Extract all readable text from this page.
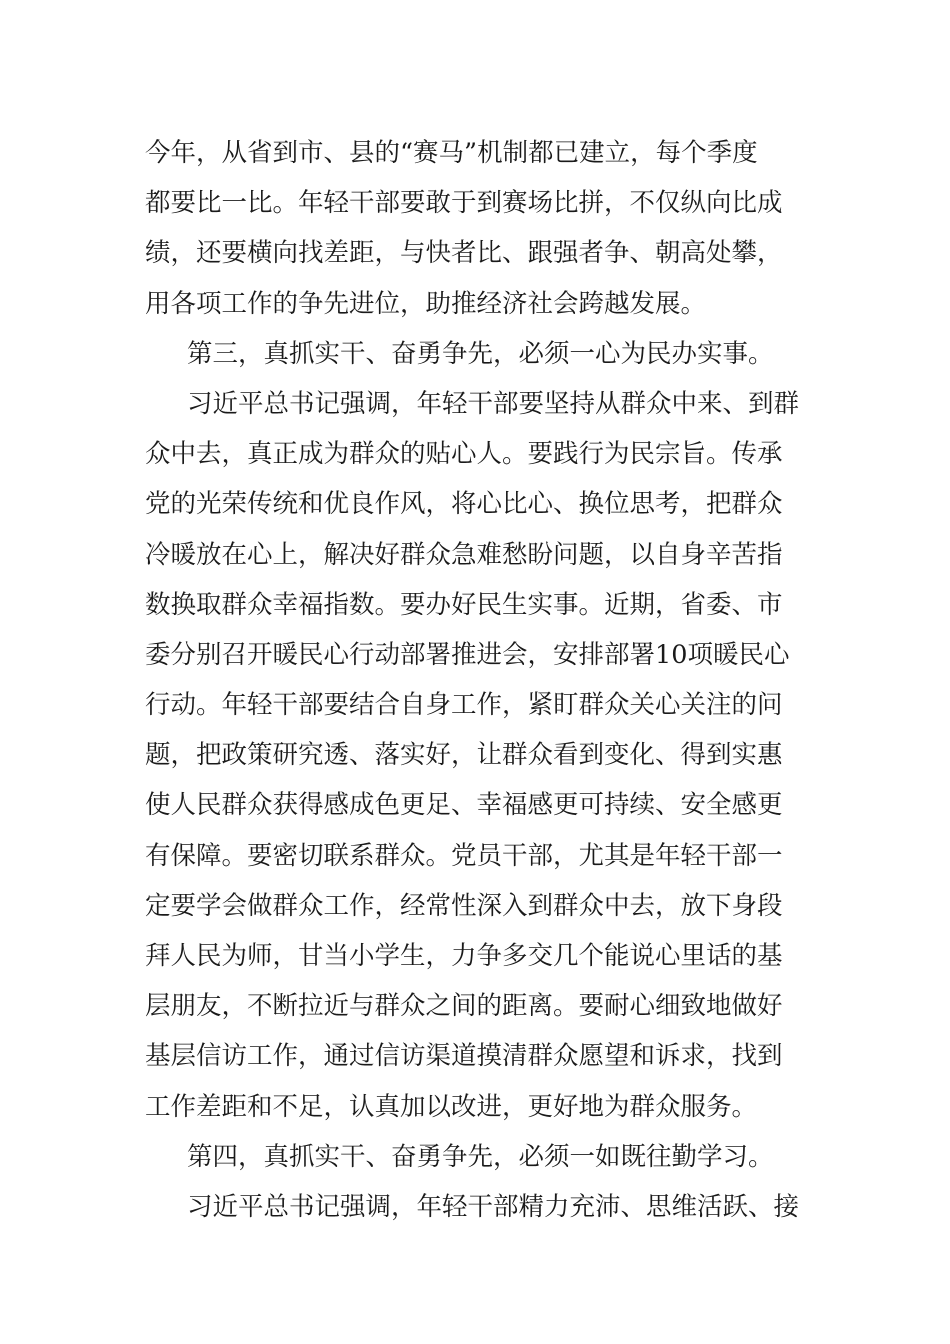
今年，从省到市、县的“赛马”机制都已建立，每个季度

都要比一比。年轻干部要敢于到赛场比拼，不仅纵向比成

绩，还要横向找差距，与快者比、跟强者争、朝高处攀，

用各项工作的争先进位，助推经济社会跨越发展。

第三，真抓实干、奋勇争先，必须一心为民办实事。

习近平总书记强调，年轻干部要坚持从群众中来、到群

众中去，真正成为群众的贴心人。要践行为民宗旨。传承

党的光荣传统和优良作风，将心比心、换位思考，把群众

冷暖放在心上，解决好群众急难愁盼问题，以自身辛苦指

数换取群众幸福指数。要办好民生实事。近期，省委、市

委分别召开暖民心行动部署推进会，安排部署10项暖民心

行动。年轻干部要结合自身工作，紧盯群众关心关注的问

题，把政策研究透、落实好，让群众看到变化、得到实惠

使人民群众获得感成色更足、幸福感更可持续、安全感更

有保障。要密切联系群众。党员干部，尤其是年轻干部一

定要学会做群众工作，经常性深入到群众中去，放下身段

拜人民为师，甘当小学生，力争多交几个能说心里话的基

层朋友，不断拉近与群众之间的距离。要耐心细致地做好

基层信访工作，通过信访渠道摸清群众愿望和诉求，找到

工作差距和不足，认真加以改进，更好地为群众服务。

第四，真抓实干、奋勇争先，必须一如既往勤学习。

习近平总书记强调，年轻干部精力充沛、思维活跃、接
